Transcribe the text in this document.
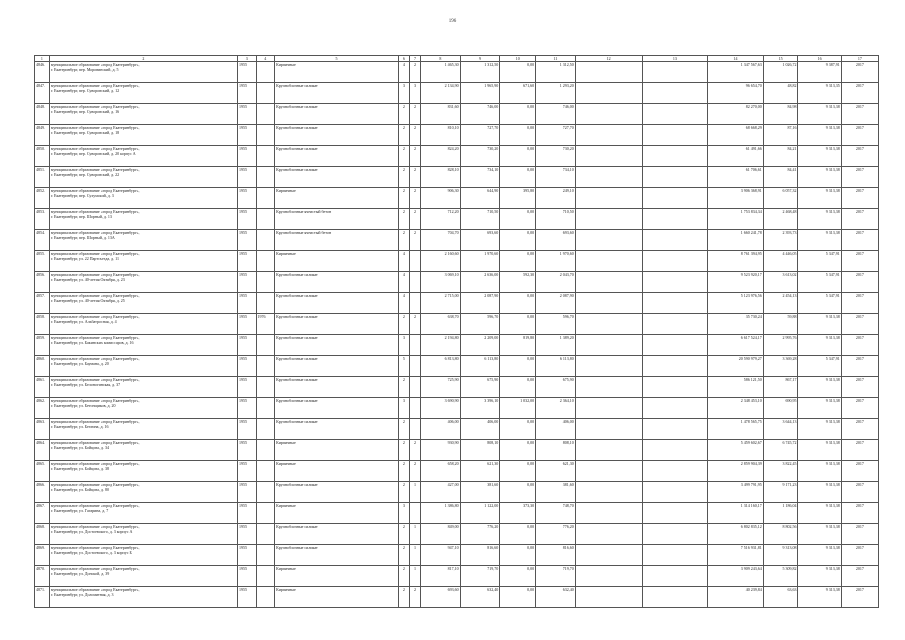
196
1	2	3	4	5	6	7	8	9	10	11	12	13	14	15	16	17
4846.	муниципальное образование «город Екатеринбург»,
г. Екатеринбург, пер. Моровинский, д. 5	1955		Кирпичные	4	2	1 465,30	1 312,50	0,00	1 312,50			1 347 567,63	1 026,72	9 387,91	2017
4847.	муниципальное образование «город Екатеринбург»,
г. Екатеринбург, пер. Суворовский, д. 12	1955		Крупноблочные силикат	3	3	2 134,90	1 965,90	671,60	1 293,20			96 654,70	48,82	9 313,35	2017
4848.	муниципальное образование «город Екатеринбург»,
г. Екатеринбург, пер. Суворовский, д. 16	1955		Крупноблочные силикат	2	2	831,60	746,00	0,00	746,00			82 270,00	84,98	9 313,38	2017
4849.	муниципальное образование «город Екатеринбург»,
г. Екатеринбург, пер. Суворовский, д. 18	1955		Крупноблочные силикат	2	2	810,10	727,70	0,00	727,70			68 668,29	87,16	9 313,38	2017
4850.	муниципальное образование «город Екатеринбург»,
г. Екатеринбург, пер. Суворовский, д. 20 корпус А	1955		Крупноблочные силикат	2	2	824,20	730,20	0,00	730,20			61 491,66	84,21	9 313,38	2017
4851.	муниципальное образование «город Екатеринбург»,
г. Екатеринбург, пер. Суворовский, д. 22	1955		Крупноблочные силикат	2	2	828,10	734,10	0,00	734,10			61 706,61	84,41	9 313,38	2017
4852.	муниципальное образование «город Екатеринбург»,
г. Екатеринбург, пер. Сухумский, д. 3	1955		Кирпичные	2	2	906,30	644,90	395,80	249,10			3 906 368,91	6 057,32	9 313,38	2017
4853.	муниципальное образование «город Екатеринбург»,
г. Екатеринбург, пер. Шорный, д. 13	1955		Крупноблочные ячеистый бетон	2	2	712,20	710,50	0,00	710,50			1 753 834,34	2 468,48	9 313,38	2017
4854.	муниципальное образование «город Екатеринбург»,
г. Екатеринбург, пер. Шорный, д. 13А	1955		Крупноблочные ячеистый бетон	2	2	704,70	693,60	0,00	693,60			1 660 241,78	2 393,73	9 313,38	2017
4855.	муниципальное образование «город Екатеринбург»,
г. Екатеринбург, ул. 22 Партсъезда, д. 11	1955		Кирпичные	4		2 160,60	1 970,60	0,00	1 970,60			8 761 394,95	4 446,05	5 347,91	2017
4856.	муниципальное образование «город Екатеринбург»,
г. Екатеринбург, ул. 40-летия Октября, д. 23	1955		Крупноблочные силикат	4		3 069,10	2 636,00	592,30	2 043,70			9 523 920,17	3 613,02	5 347,91	2017
4857.	муниципальное образование «город Екатеринбург»,
г. Екатеринбург, ул. 40-летия Октября, д. 25	1955		Крупноблочные силикат	4		2 715,00	2 087,90	0,00	2 087,90			5 123 976,56	2 454,13	5 347,91	2017
4858.	муниципальное образование «город Екатеринбург»,
г. Екатеринбург, ул. Альбатросная, д. 4	1955	1976	Крупноблочные силикат	2	2	638,70	596,70	0,00	596,70			35 730,24	59,88	9 313,38	2017
4859.	муниципальное образование «город Екатеринбург»,
г. Екатеринбург, ул. Бакинских комиссаров, д. 16	1955		Крупноблочные силикат	3		2 194,80	2 209,00	819,80	1 389,20			6 617 524,17	2 995,76	9 313,38	2017
4860.	муниципальное образование «город Екатеринбург»,
г. Екатеринбург, ул. Баумана, д. 20	1955		Крупноблочные силикат	5		6 813,80	6 113,80	0,00	6 113,80			20 590 979,27	3 369,28	5 347,91	2017
4861.	муниципальное образование «город Екатеринбург»,
г. Екатеринбург, ул. Белоногинская, д. 37	1955		Крупноблочные силикат	2		725,90	675,90	0,00	675,90			586 121,50	867,17	9 313,38	2017
4862.	муниципальное образование «город Екатеринбург»,
г. Екатеринбург, ул. Бетонщиков, д. 20	1955		Крупноблочные силикат	3		3 690,90	3 396,10	1 032,00	2 364,10			2 348 453,10	690,95	9 313,38	2017
4863.	муниципальное образование «город Екатеринбург»,
г. Екатеринбург, ул. Бехтина, д. 16	1955		Крупноблочные силикат	2		406,00	406,00	0,00	406,00			1 478 565,75	3 644,13	9 313,38	2017
4864.	муниципальное образование «город Екатеринбург»,
г. Екатеринбург, ул. Бойцова, д. 34	1955		Кирпичные	2	2	930,90	808,10	0,00	808,10			5 459 602,67	6 745,72	9 313,38	2017
4865.	муниципальное образование «город Екатеринбург»,
г. Екатеринбург, ул. Бойцова, д. 38	1955		Кирпичные	2	2	658,20	621,30	0,00	621,30			2 859 904,39	3 822,45	9 313,38	2017
4866.	муниципальное образование «город Екатеринбург»,
г. Екатеринбург, ул. Бойцова, д. 80	1955		Крупноблочные силикат	2	1	427,00	381,60	0,00	381,60			3 499 791,95	9 171,23	9 313,38	2017
4867.	муниципальное образование «город Екатеринбург»,
г. Екатеринбург, ул. Гагарина, д. 7	1955		Кирпичные	3		1 386,80	1 122,00	373,30	748,70			1 314 160,17	1 186,04	9 313,38	2017
4868.	муниципальное образование «город Екатеринбург»,
г. Екатеринбург, ул. Достоевского, д. 3 корпус А	1955		Крупноблочные силикат	2	1	849,00	776,20	0,00	776,20			6 802 835,12	8 802,56	9 313,38	2017
4869.	муниципальное образование «город Екатеринбург»,
г. Екатеринбург, ул. Достоевского, д. 3 корпус Б	1955		Крупноблочные силикат	2	1	947,10	816,60	0,00	816,60			7 516 931,81	9 313,08	9 313,38	2017
4870.	муниципальное образование «город Екатеринбург»,
г. Екатеринбург, ул. Донской, д. 39	1955		Кирпичные	2	1	817,10	719,70	0,00	719,70			3 909 243,64	5 309,82	9 313,38	2017
4871.	муниципальное образование «город Екатеринбург»,
г. Екатеринбург, ул. Доломитная, д. 3	1955		Кирпичные	2	2	693,60	632,40	0,00	632,40			40 239,84	63,63	9 313,38	2017
